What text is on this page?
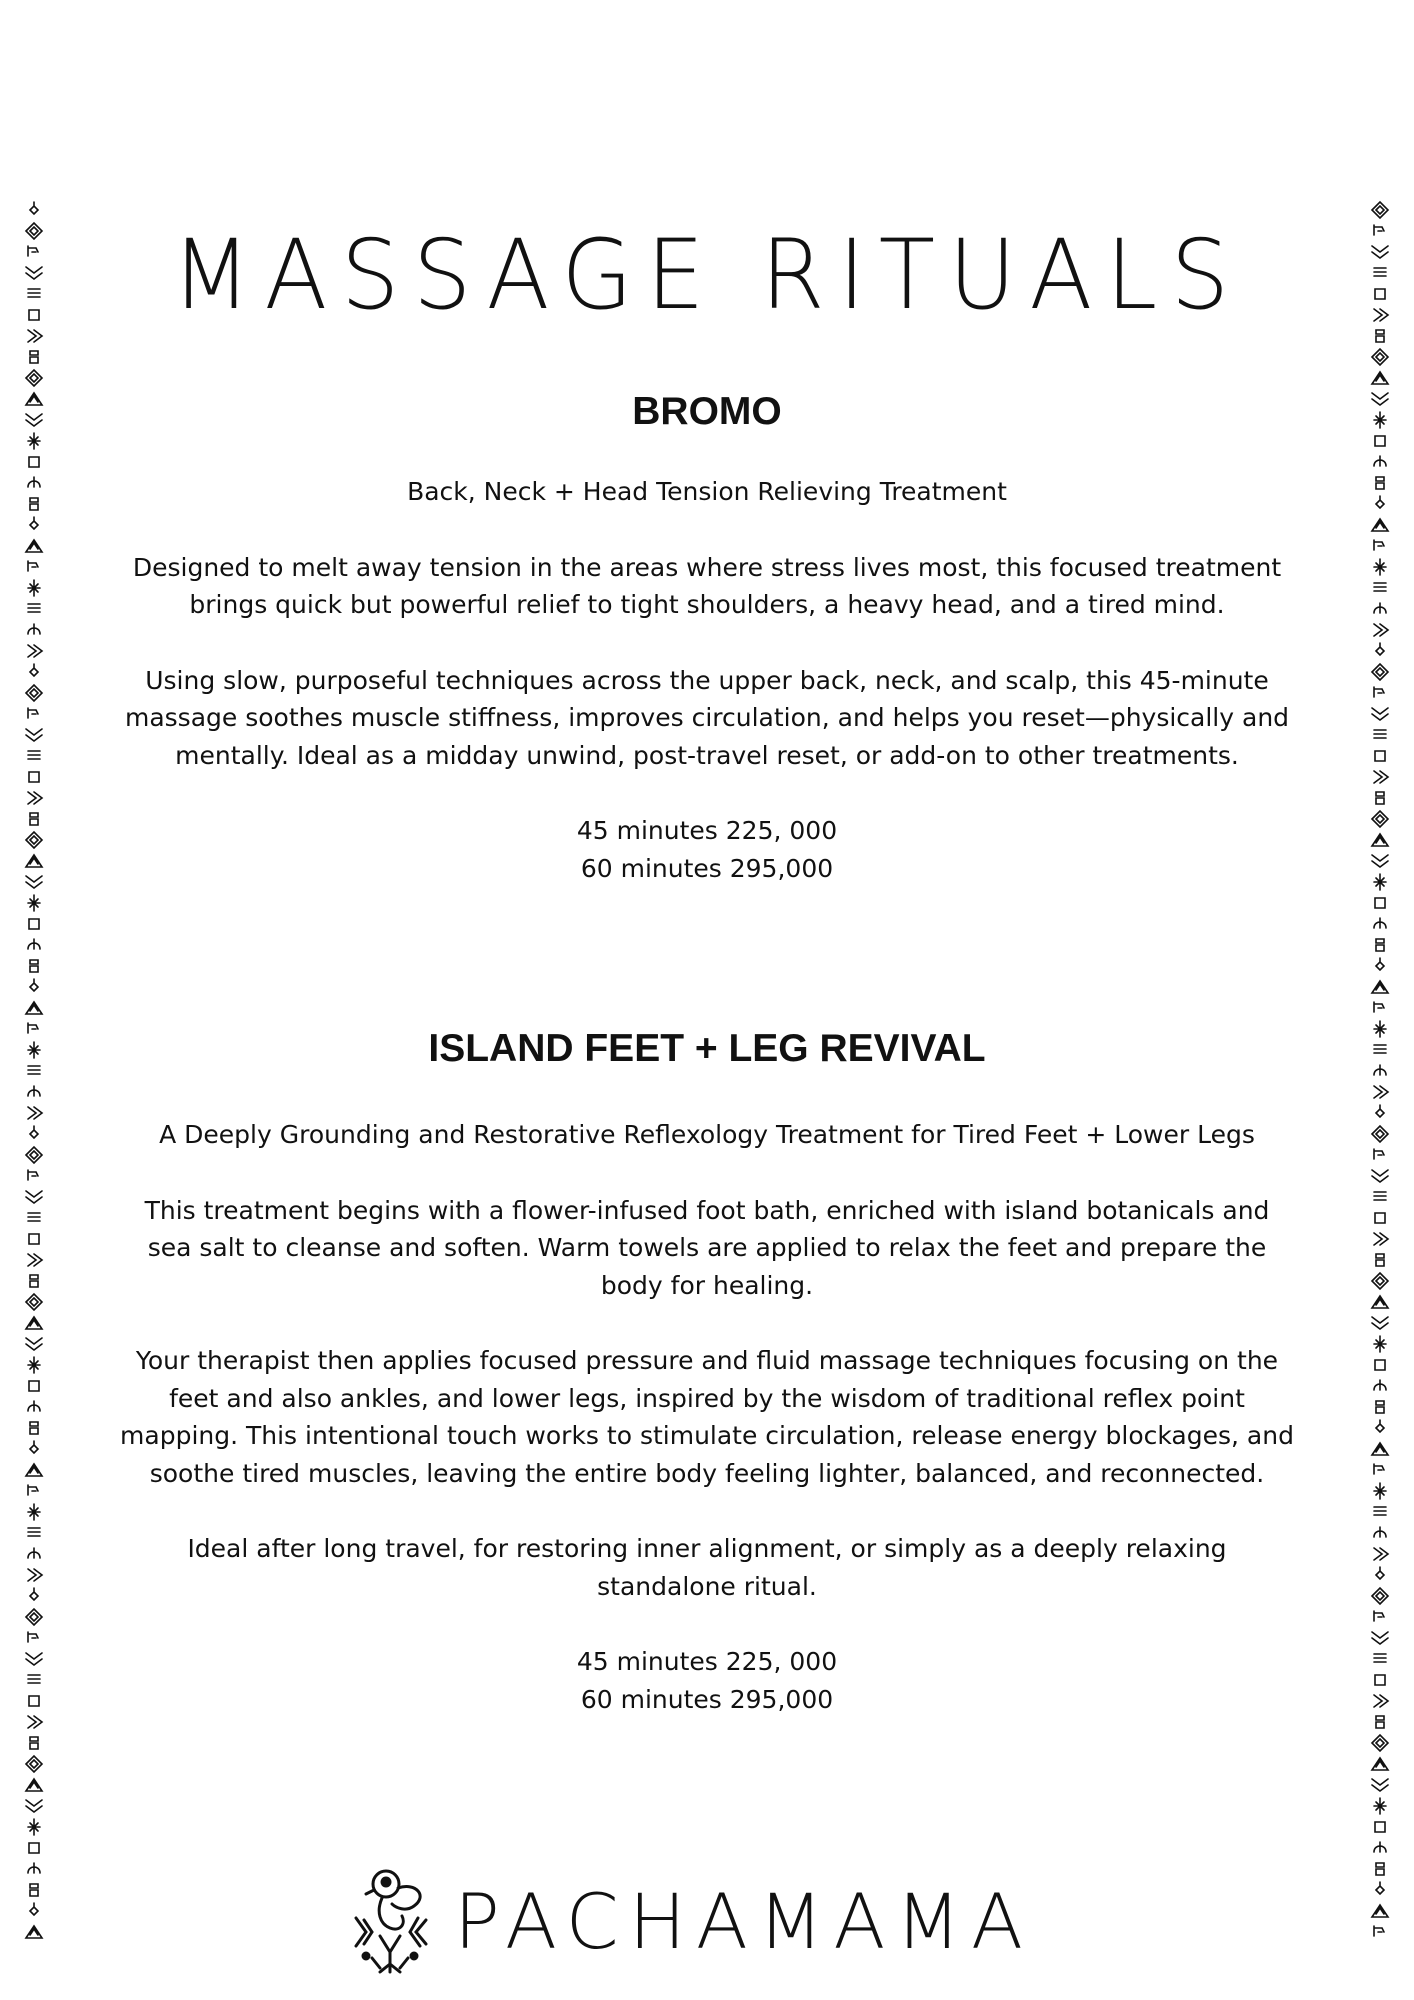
MASSAGE RITUALS
BROMO

Back, Neck + Head Tension Relieving Treatment

Designed to melt away tension in the areas where stress lives most, this focused treatment brings quick but powerful relief to tight shoulders, a heavy head, and a tired mind.

Using slow, purposeful techniques across the upper back, neck, and scalp, this 45-minute massage soothes muscle stiffness, improves circulation, and helps you reset—physically and mentally. Ideal as a midday unwind, post-travel reset, or add-on to other treatments.

45 minutes 225, 000

60 minutes 295,000

ISLAND FEET + LEG REVIVAL

A Deeply Grounding and Restorative Reflexology Treatment for Tired Feet + Lower Legs

This treatment begins with a flower-infused foot bath, enriched with island botanicals and sea salt to cleanse and soften. Warm towels are applied to relax the feet and prepare the body for healing.

Your therapist then applies focused pressure and fluid massage techniques focusing on the feet and also ankles, and lower legs, inspired by the wisdom of traditional reflex point mapping. This intentional touch works to stimulate circulation, release energy blockages, and soothe tired muscles, leaving the entire body feeling lighter, balanced, and reconnected.

Ideal after long travel, for restoring inner alignment, or simply as a deeply relaxing standalone ritual.

45 minutes 225, 000

60 minutes 295,000

PACHAMAMA
